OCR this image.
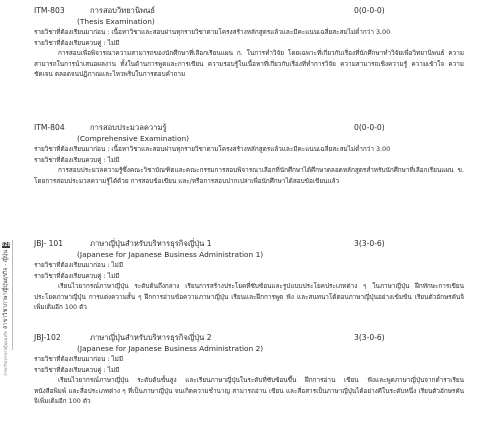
328
สาขาวิชาภาษาญี่ปุ่นธุรกิจ - ญี่ปุ่น
สาขาวิชาภาษาญี่ปุ่นธุรกิจ
ITM-803	การสอบวิทยานิพนธ์	0(0-0-0)
(Thesis Examination)
รายวิชาที่ต้องเรียนมาก่อน : เนื้อหาวิชาและสอบผ่านทุกรายวิชาตามโครงสร้างหลักสูตรแล้วและมีคะแนนเฉลี่ยสะสมไม่ต่ำกว่า 3.00
รายวิชาที่ต้องเรียนควบคู่ : ไม่มี
การสอบเพื่อพิจารณาความสามารถของนักศึกษาที่เลือกเรียนแผน ก. ในการทำวิจัย โดยเฉพาะที่เกี่ยวกับเรื่องที่นักศึกษาทำวิจัยเพื่อวิทยานิพนธ์ ความสามารถในการนำเสนอผลงาน ทั้งในด้านการพูดและการเขียน ความรอบรู้ในเนื้อหาที่เกี่ยวกับเรื่องที่ทำการวิจัย ความสามารถเชิงความรู้ ความเข้าใจ ความชัดเจน ตลอดจนปฏิภาณและไหวพริบในการตอบคำถาม
ITM-804	การสอบประมวลความรู้	0(0-0-0)
(Comprehensive Examination)
รายวิชาที่ต้องเรียนมาก่อน : เนื้อหาวิชาและสอบผ่านทุกรายวิชาตามโครงสร้างหลักสูตรแล้วและมีคะแนนเฉลี่ยสะสมไม่ต่ำกว่า 3.00
รายวิชาที่ต้องเรียนควบคู่ : ไม่มี
การสอบประมวลความรู้ซึ่งคณะวิชาบัณฑิตและคณะกรรมการสอบพิจารณาเลือกที่นักศึกษาได้ศึกษาตลอดหลักสูตรสำหรับนักศึกษาที่เลือกเรียนแผน ข. โดยการสอบประมวลความรู้ได้ด้วย การสอบข้อเขียน และ/หรือการสอบปากเปล่าเพื่อนักศึกษาได้สอบข้อเขียนแล้ว
JBJ- 101	ภาษาญี่ปุ่นสำหรับบริหารธุรกิจญี่ปุ่น 1	3(3-0-6)
(Japanese for Japanese Business Administration 1)
รายวิชาที่ต้องเรียนมาก่อน : ไม่มี
รายวิชาที่ต้องเรียนควบคู่ : ไม่มี
เรียนไวยากรณ์ภาษาญี่ปุ่น ระดับต้นถึงกลาง เรียนการสร้างประโยคที่ซับซ้อนและรูปแบบประโยคประเภทต่าง ๆ ในภาษาญี่ปุ่น ฝึกทักษะการเขียนประโยคภาษาญี่ปุ่น การแต่งความสั้น ๆ ฝึกการอ่านข้อความภาษาญี่ปุ่น เรียนและฝึกการพูด ฟัง และสนทนาโต้ตอบภาษาญี่ปุ่นอย่างเข้มข้น เรียนตัวอักษรคันจิเพิ่มเติมอีก 100 ตัว
JBJ-102	ภาษาญี่ปุ่นสำหรับบริหารธุรกิจญี่ปุ่น 2	3(3-0-6)
(Japanese for Japanese Business Administration 2)
รายวิชาที่ต้องเรียนมาก่อน : ไม่มี
รายวิชาที่ต้องเรียนควบคู่ : ไม่มี
เรียนไวยากรณ์ภาษาญี่ปุ่น ระดับต้นขั้นสูง และเรียนภาษาญี่ปุ่นในระดับที่ซับซ้อนขึ้น ฝึกการอ่าน เขียน ฟังและพูดภาษาญี่ปุ่นจากตำราเรียน หนังสือพิมพ์ และสื่อประเภทต่าง ๆ ที่เป็นภาษาญี่ปุ่น จนเกิดความชำนาญ สามารถอ่าน เขียน และสื่อสารเป็นภาษาญี่ปุ่นได้อย่างดีในระดับหนึ่ง เรียนตัวอักษรคันจิเพิ่มเติมอีก 100 ตัว
